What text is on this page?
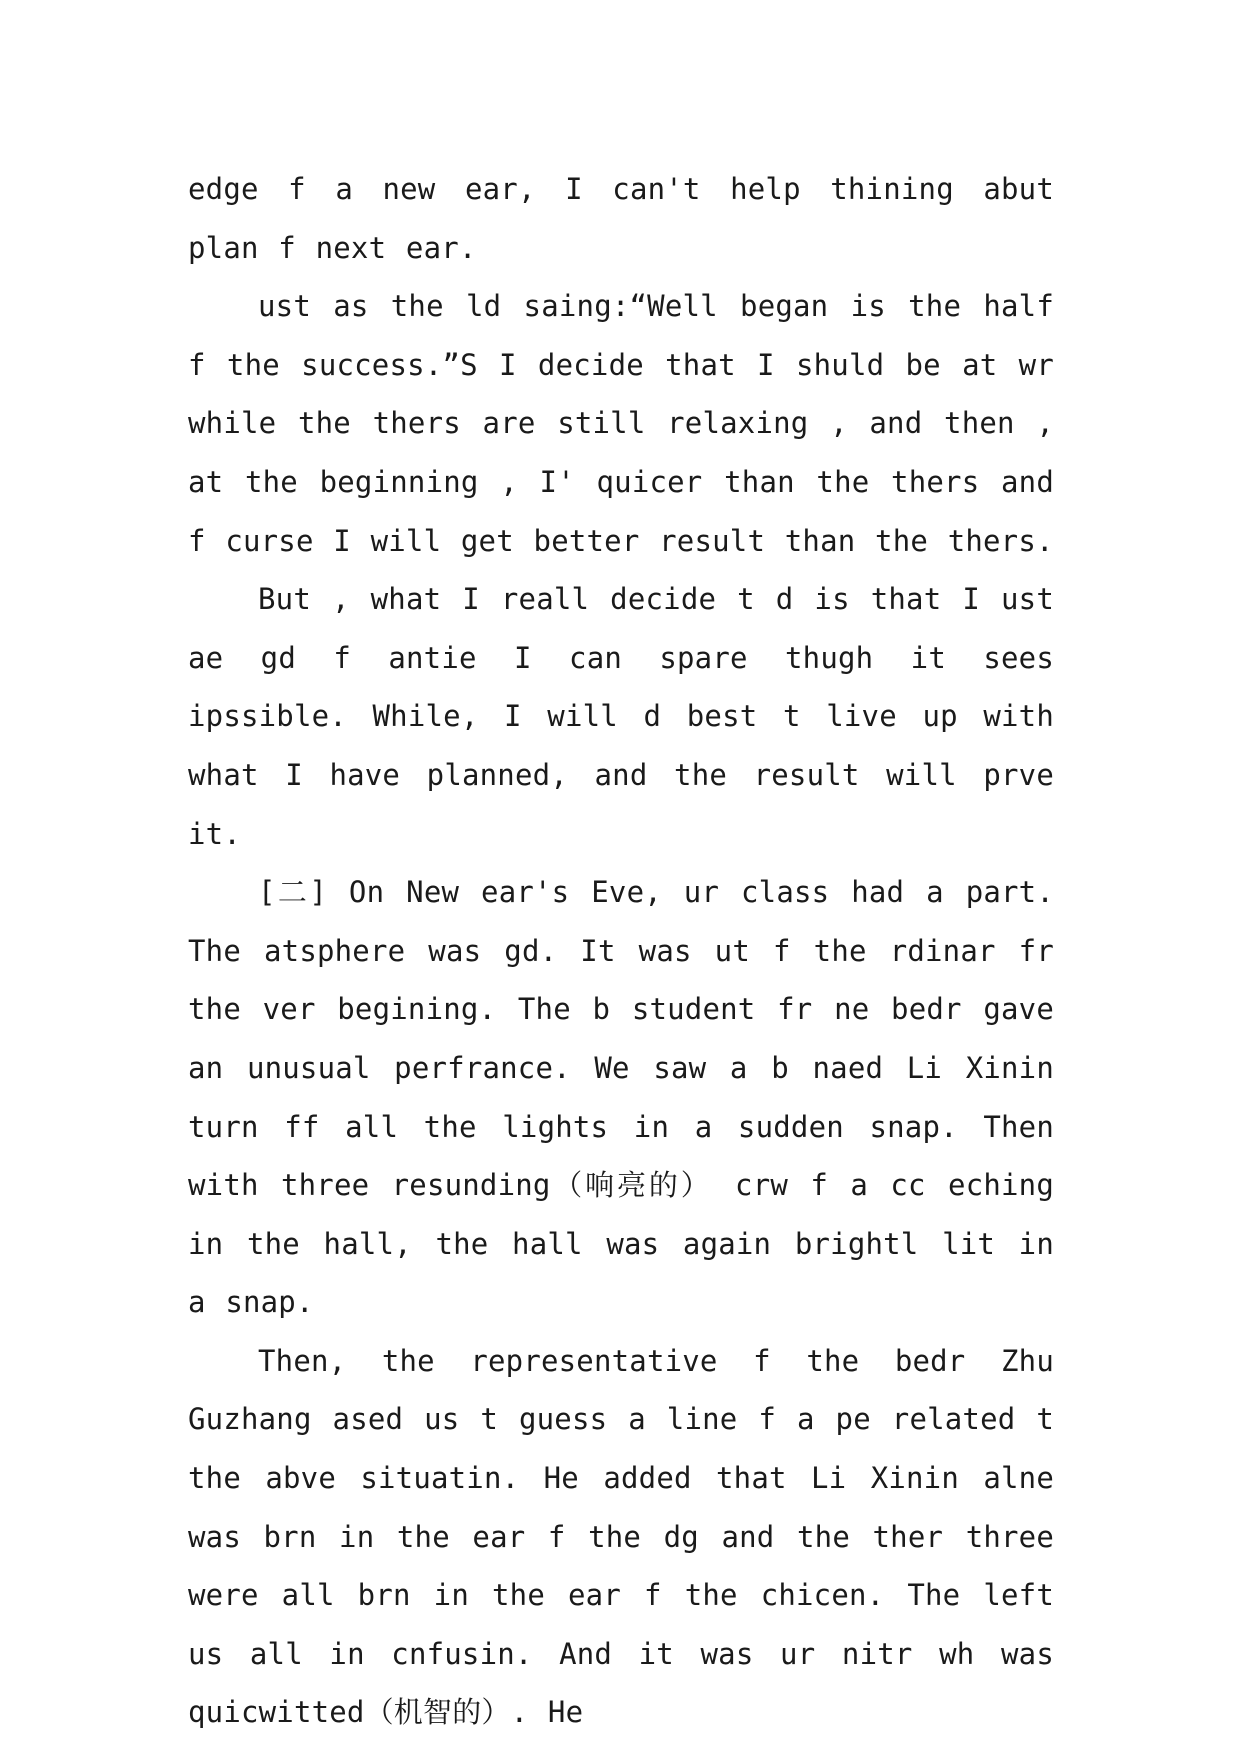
edge f a new ear, I can't help thining abut plan f next ear.

ust as the ld saing:“Well began is the half f the success.”S I decide that I shuld be at wr while the thers are still relaxing , and then , at the beginning , I' quicer than the thers and f curse I will get better result than the thers.

But , what I reall decide t d is that I ust ae gd f antie I can spare thugh it sees ipssible. While, I will d best t live up with what I have planned, and the result will prve it.

[二] On New ear's Eve, ur class had a part. The atsphere was gd. It was ut f the rdinar fr the ver begining. The b student fr ne bedr gave an unusual perfrance. We saw a b naed Li Xinin turn ff all the lights in a sudden snap. Then with three resunding（响亮的） crw f a cc eching in the hall, the hall was again brightl lit in a snap.

Then, the representative f the bedr Zhu Guzhang ased us t guess a line f a pe related t the abve situatin. He added that Li Xinin alne was brn in the ear f the dg and the ther three were all brn in the ear f the chicen. The left us all in cnfusin. And it was ur nitr wh was quicwitted（机智的）. He
